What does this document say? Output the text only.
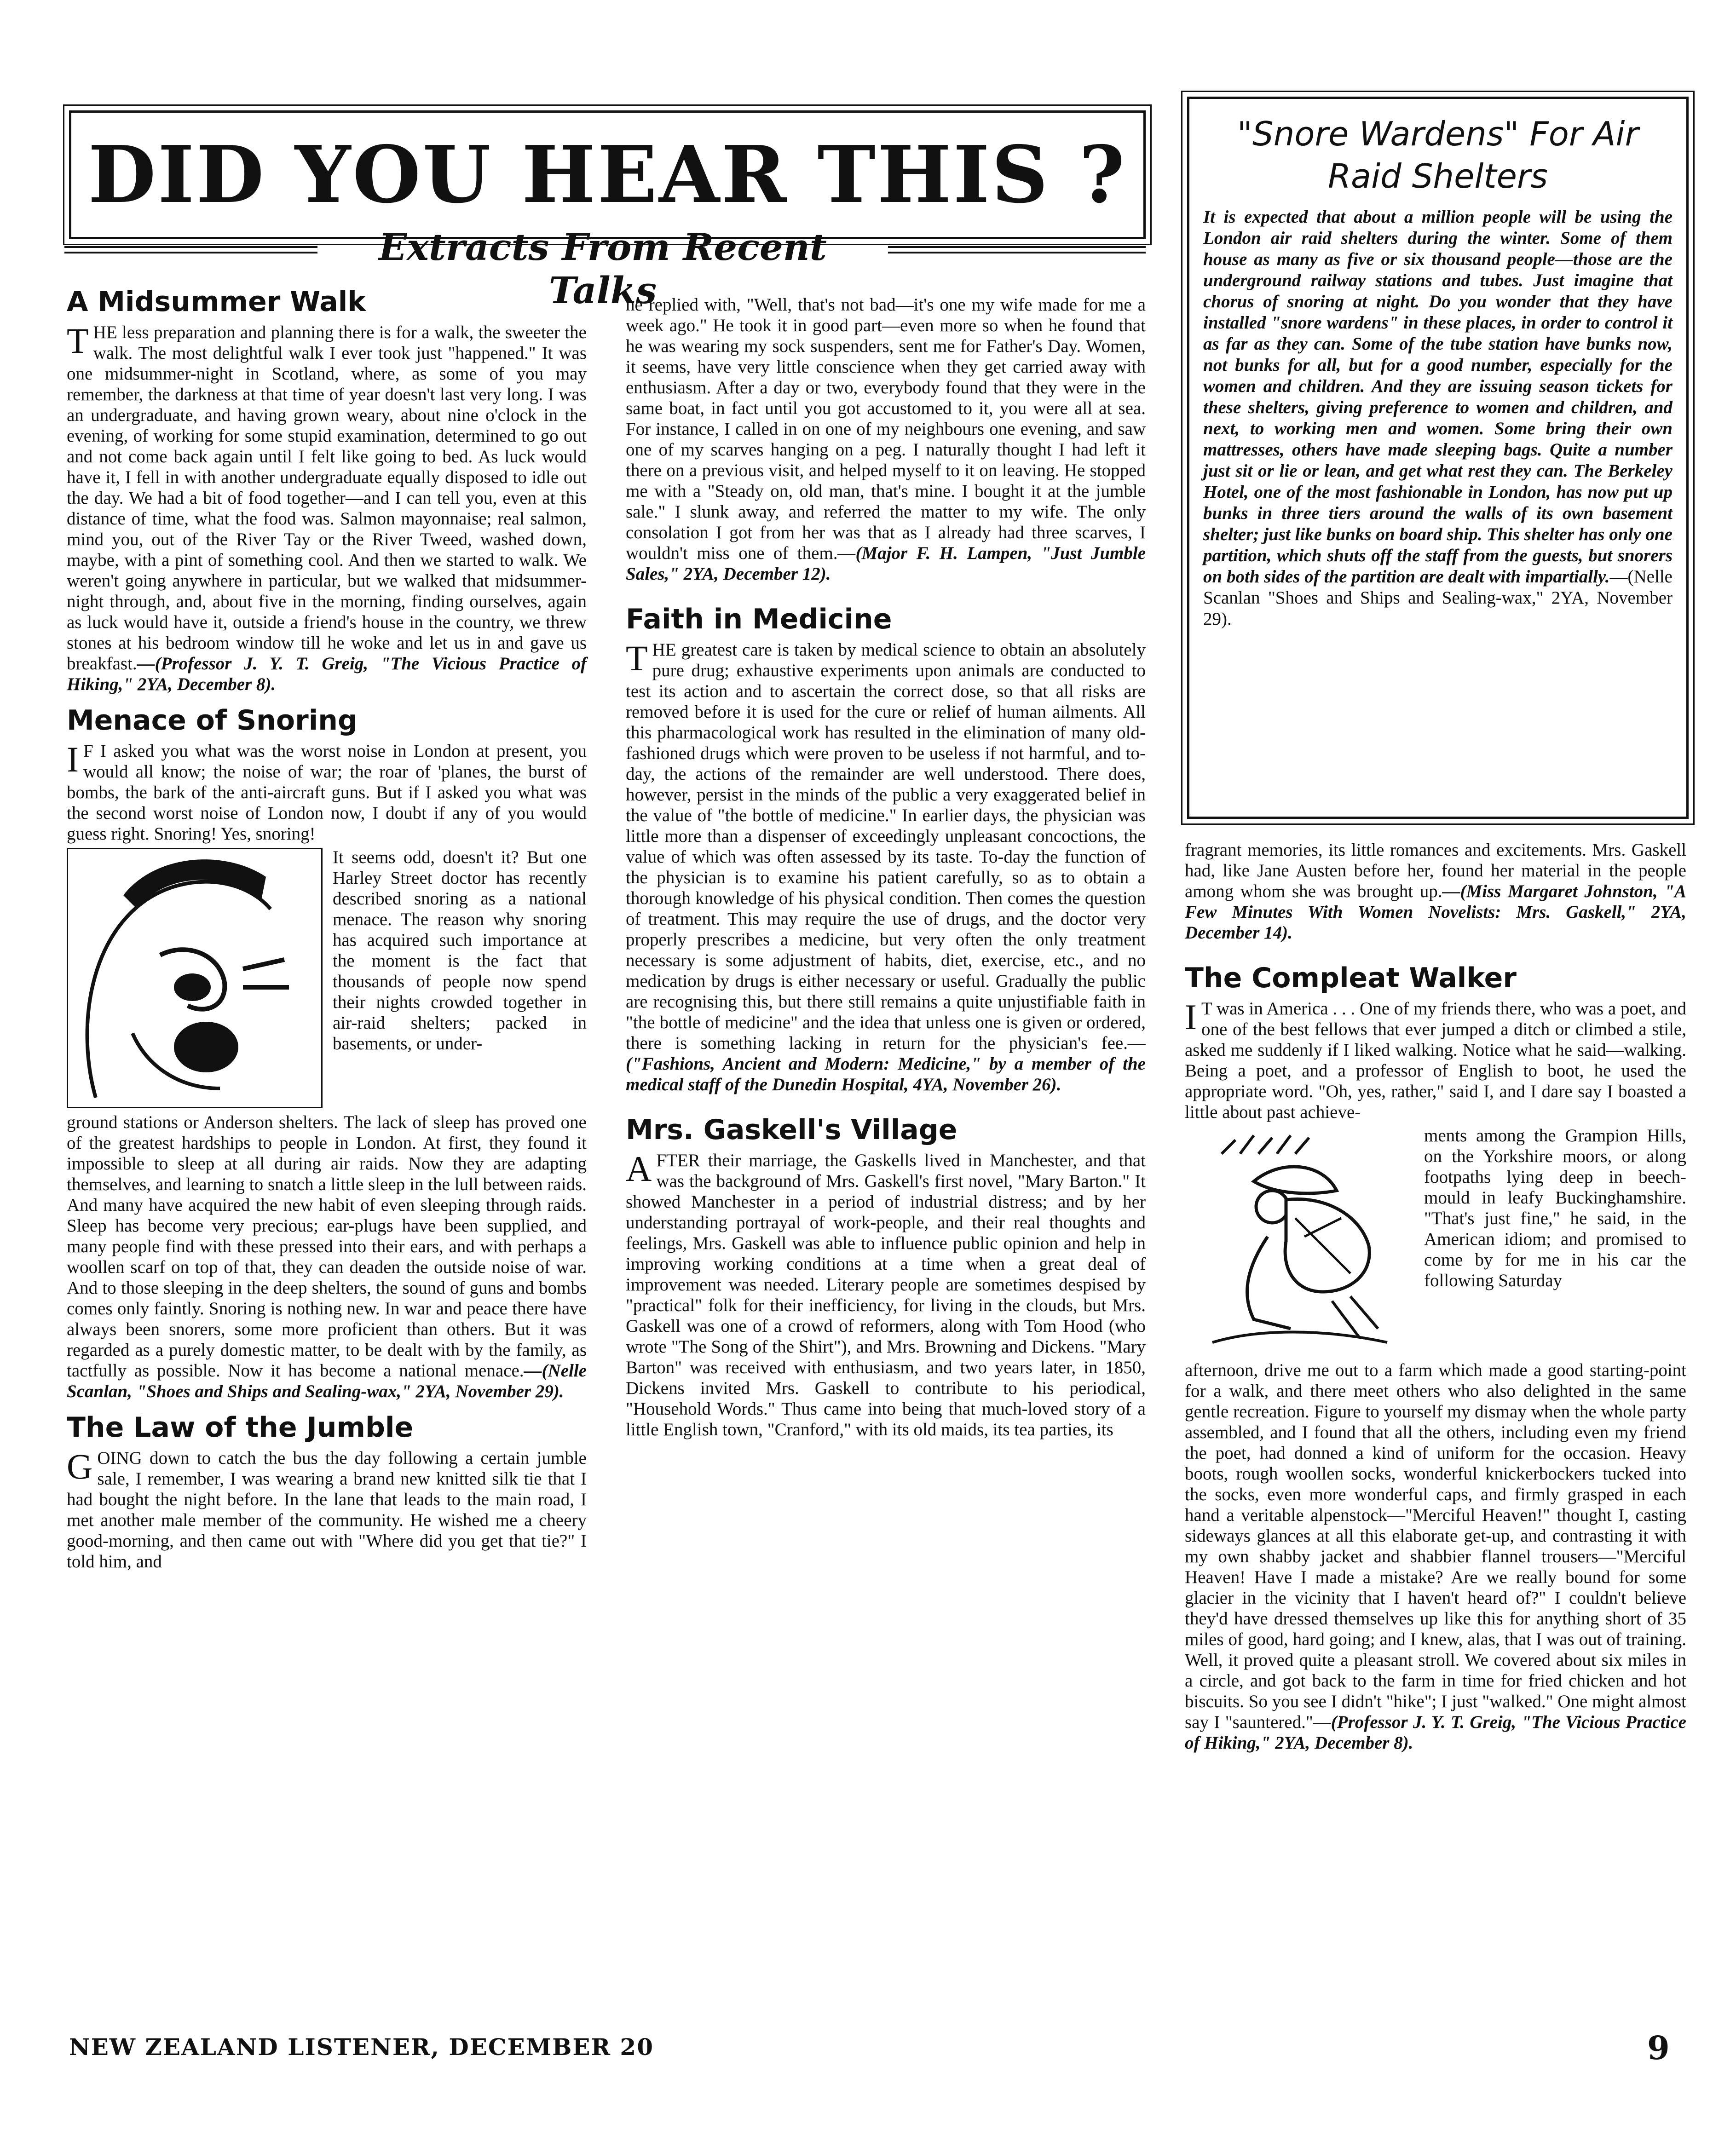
DID YOU HEAR THIS ?
Extracts From Recent Talks
"Snore Wardens" For Air Raid Shelters

It is expected that about a million people will be using the London air raid shelters during the winter. Some of them house as many as five or six thousand people—those are the underground railway stations and tubes. Just imagine that chorus of snoring at night. Do you wonder that they have installed "snore wardens" in these places, in order to control it as far as they can. Some of the tube station have bunks now, not bunks for all, but for a good number, especially for the women and children. And they are issuing season tickets for these shelters, giving preference to women and children, and next, to working men and women. Some bring their own mattresses, others have made sleeping bags. Quite a number just sit or lie or lean, and get what rest they can. The Berkeley Hotel, one of the most fashionable in London, has now put up bunks in three tiers around the walls of its own basement shelter; just like bunks on board ship. This shelter has only one partition, which shuts off the staff from the guests, but snorers on both sides of the partition are dealt with impartially.—(Nelle Scanlan "Shoes and Ships and Sealing-wax," 2YA, November 29).

A Midsummer Walk

THE less preparation and planning there is for a walk, the sweeter the walk. The most delightful walk I ever took just "happened." It was one midsummer-night in Scotland, where, as some of you may remember, the darkness at that time of year doesn't last very long. I was an undergraduate, and having grown weary, about nine o'clock in the evening, of working for some stupid examination, determined to go out and not come back again until I felt like going to bed. As luck would have it, I fell in with another undergraduate equally disposed to idle out the day. We had a bit of food together—and I can tell you, even at this distance of time, what the food was. Salmon mayonnaise; real salmon, mind you, out of the River Tay or the River Tweed, washed down, maybe, with a pint of something cool. And then we started to walk. We weren't going anywhere in particular, but we walked that midsummer-night through, and, about five in the morning, finding ourselves, again as luck would have it, outside a friend's house in the country, we threw stones at his bedroom window till he woke and let us in and gave us breakfast.—(Professor J. Y. T. Greig, "The Vicious Practice of Hiking," 2YA, December 8).

Menace of Snoring

I F I asked you what was the worst noise in London at present, you would all know; the noise of war; the roar of 'planes, the burst of bombs, the bark of the anti-aircraft guns. But if I asked you what was the second worst noise of London now, I doubt if any of you would guess right. Snoring! Yes, snoring!

It seems odd, doesn't it? But one Harley Street doctor has recently described snoring as a national menace. The reason why snoring has acquired such importance at the moment is the fact that thousands of people now spend their nights crowded together in air-raid shelters; packed in basements, or under-

ground stations or Anderson shelters. The lack of sleep has proved one of the greatest hardships to people in London. At first, they found it impossible to sleep at all during air raids. Now they are adapting themselves, and learning to snatch a little sleep in the lull between raids. And many have acquired the new habit of even sleeping through raids. Sleep has become very precious; ear-plugs have been supplied, and many people find with these pressed into their ears, and with perhaps a woollen scarf on top of that, they can deaden the outside noise of war. And to those sleeping in the deep shelters, the sound of guns and bombs comes only faintly. Snoring is nothing new. In war and peace there have always been snorers, some more proficient than others. But it was regarded as a purely domestic matter, to be dealt with by the family, as tactfully as possible. Now it has become a national menace.—(Nelle Scanlan, "Shoes and Ships and Sealing-wax," 2YA, November 29).

The Law of the Jumble

GOING down to catch the bus the day following a certain jumble sale, I remember, I was wearing a brand new knitted silk tie that I had bought the night before. In the lane that leads to the main road, I met another male member of the community. He wished me a cheery good-morning, and then came out with "Where did you get that tie?" I told him, and

he replied with, "Well, that's not bad—it's one my wife made for me a week ago." He took it in good part—even more so when he found that he was wearing my sock suspenders, sent me for Father's Day. Women, it seems, have very little conscience when they get carried away with enthusiasm. After a day or two, everybody found that they were in the same boat, in fact until you got accustomed to it, you were all at sea. For instance, I called in on one of my neighbours one evening, and saw one of my scarves hanging on a peg. I naturally thought I had left it there on a previous visit, and helped myself to it on leaving. He stopped me with a "Steady on, old man, that's mine. I bought it at the jumble sale." I slunk away, and referred the matter to my wife. The only consolation I got from her was that as I already had three scarves, I wouldn't miss one of them.—(Major F. H. Lampen, "Just Jumble Sales," 2YA, December 12).

Faith in Medicine

THE greatest care is taken by medical science to obtain an absolutely pure drug; exhaustive experiments upon animals are conducted to test its action and to ascertain the correct dose, so that all risks are removed before it is used for the cure or relief of human ailments. All this pharmacological work has resulted in the elimination of many old-fashioned drugs which were proven to be useless if not harmful, and to-day, the actions of the remainder are well understood. There does, however, persist in the minds of the public a very exaggerated belief in the value of "the bottle of medicine." In earlier days, the physician was little more than a dispenser of exceedingly unpleasant concoctions, the value of which was often assessed by its taste. To-day the function of the physician is to examine his patient carefully, so as to obtain a thorough knowledge of his physical condition. Then comes the question of treatment. This may require the use of drugs, and the doctor very properly prescribes a medicine, but very often the only treatment necessary is some adjustment of habits, diet, exercise, etc., and no medication by drugs is either necessary or useful. Gradually the public are recognising this, but there still remains a quite unjustifiable faith in "the bottle of medicine" and the idea that unless one is given or ordered, there is something lacking in return for the physician's fee.—("Fashions, Ancient and Modern: Medicine," by a member of the medical staff of the Dunedin Hospital, 4YA, November 26).

Mrs. Gaskell's Village

AFTER their marriage, the Gaskells lived in Manchester, and that was the background of Mrs. Gaskell's first novel, "Mary Barton." It showed Manchester in a period of industrial distress; and by her understanding portrayal of work-people, and their real thoughts and feelings, Mrs. Gaskell was able to influence public opinion and help in improving working conditions at a time when a great deal of improvement was needed. Literary people are sometimes despised by "practical" folk for their inefficiency, for living in the clouds, but Mrs. Gaskell was one of a crowd of reformers, along with Tom Hood (who wrote "The Song of the Shirt"), and Mrs. Browning and Dickens. "Mary Barton" was received with enthusiasm, and two years later, in 1850, Dickens invited Mrs. Gaskell to contribute to his periodical, "Household Words." Thus came into being that much-loved story of a little English town, "Cranford," with its old maids, its tea parties, its

fragrant memories, its little romances and excitements. Mrs. Gaskell had, like Jane Austen before her, found her material in the people among whom she was brought up.—(Miss Margaret Johnston, "A Few Minutes With Women Novelists: Mrs. Gaskell," 2YA, December 14).

The Compleat Walker

I T was in America . . . One of my friends there, who was a poet, and one of the best fellows that ever jumped a ditch or climbed a stile, asked me suddenly if I liked walking. Notice what he said—walking. Being a poet, and a professor of English to boot, he used the appropriate word. "Oh, yes, rather," said I, and I dare say I boasted a little about past achieve-

ments among the Grampion Hills, on the Yorkshire moors, or along footpaths lying deep in beech-mould in leafy Buckinghamshire. "That's just fine," he said, in the American idiom; and promised to come by for me in his car the following Saturday

afternoon, drive me out to a farm which made a good starting-point for a walk, and there meet others who also delighted in the same gentle recreation. Figure to yourself my dismay when the whole party assembled, and I found that all the others, including even my friend the poet, had donned a kind of uniform for the occasion. Heavy boots, rough woollen socks, wonderful knickerbockers tucked into the socks, even more wonderful caps, and firmly grasped in each hand a veritable alpenstock—"Merciful Heaven!" thought I, casting sideways glances at all this elaborate get-up, and contrasting it with my own shabby jacket and shabbier flannel trousers—"Merciful Heaven! Have I made a mistake? Are we really bound for some glacier in the vicinity that I haven't heard of?" I couldn't believe they'd have dressed themselves up like this for anything short of 35 miles of good, hard going; and I knew, alas, that I was out of training. Well, it proved quite a pleasant stroll. We covered about six miles in a circle, and got back to the farm in time for fried chicken and hot biscuits. So you see I didn't "hike"; I just "walked." One might almost say I "sauntered."—(Professor J. Y. T. Greig, "The Vicious Practice of Hiking," 2YA, December 8).

NEW ZEALAND LISTENER, DECEMBER 20	9
